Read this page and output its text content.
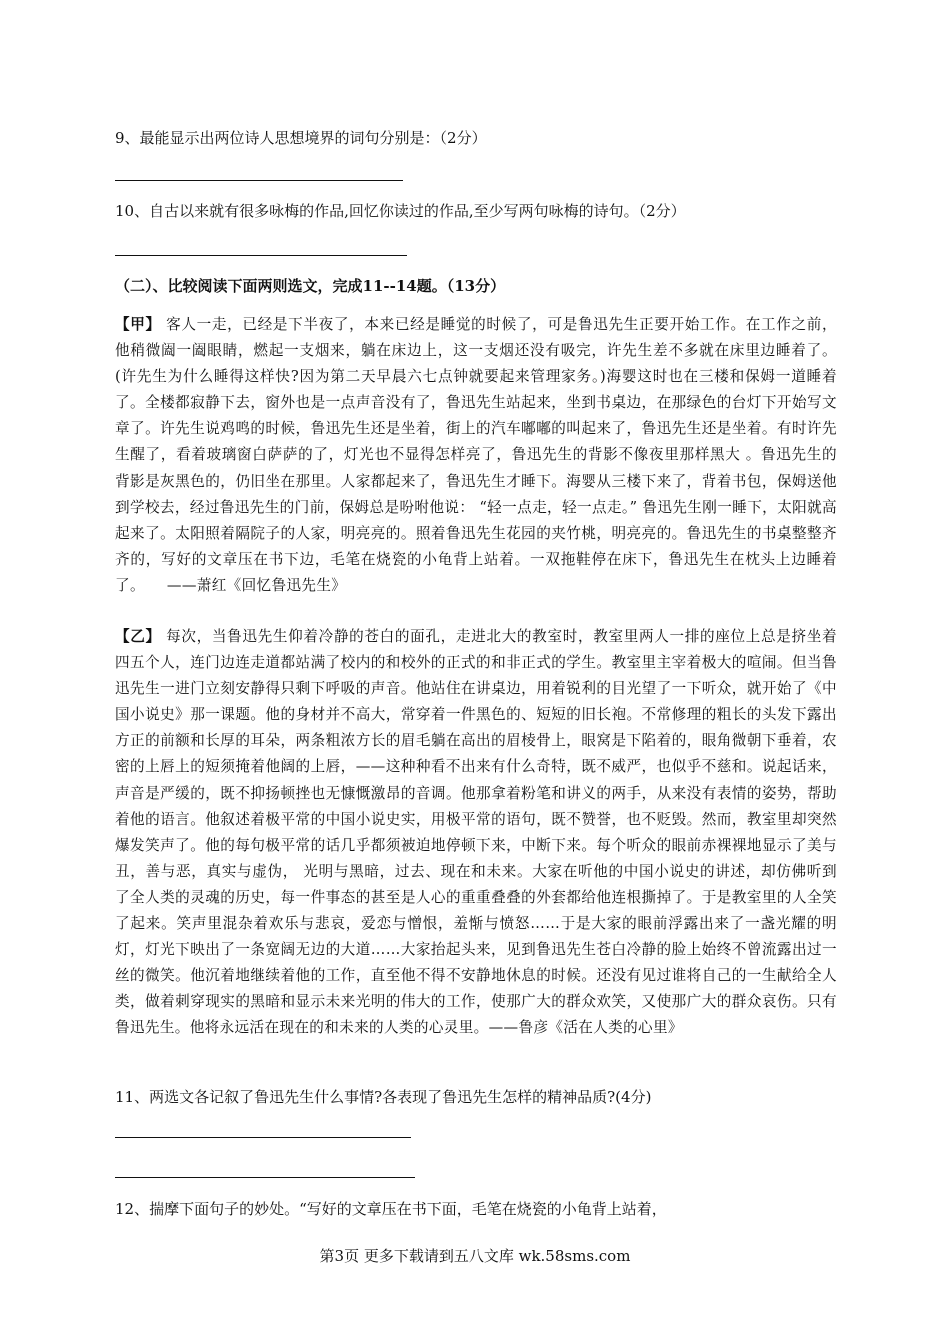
9、最能显示出两位诗人思想境界的词句分别是：（2分）
10、自古以来就有很多咏梅的作品,回忆你读过的作品,至少写两句咏梅的诗句。（2分）
（二）、比较阅读下面两则选文，完成11--14题。（13分）

【甲】 客人一走，已经是下半夜了，本来已经是睡觉的时候了，可是鲁迅先生正要开始工作。在工作之前，他稍微阖一阖眼睛，燃起一支烟来，躺在床边上，这一支烟还没有吸完，许先生差不多就在床里边睡着了。(许先生为什么睡得这样快?因为第二天早晨六七点钟就要起来管理家务。)海婴这时也在三楼和保姆一道睡着了。全楼都寂静下去，窗外也是一点声音没有了，鲁迅先生站起来，坐到书桌边，在那绿色的台灯下开始写文章了。许先生说鸡鸣的时候，鲁迅先生还是坐着，街上的汽车嘟嘟的叫起来了，鲁迅先生还是坐着。有时许先生醒了，看着玻璃窗白萨萨的了，灯光也不显得怎样亮了，鲁迅先生的背影不像夜里那样黑大 。鲁迅先生的背影是灰黑色的，仍旧坐在那里。人家都起来了，鲁迅先生才睡下。海婴从三楼下来了，背着书包，保姆送他到学校去，经过鲁迅先生的门前，保姆总是吩咐他说： “轻一点走，轻一点走。” 鲁迅先生刚一睡下，太阳就高起来了。太阳照着隔院子的人家，明亮亮的。照着鲁迅先生花园的夹竹桃，明亮亮的。鲁迅先生的书桌整整齐齐的，写好的文章压在书下边，毛笔在烧瓷的小龟背上站着。一双拖鞋停在床下，鲁迅先生在枕头上边睡着了。 ——萧红《回忆鲁迅先生》

【乙】 每次，当鲁迅先生仰着冷静的苍白的面孔，走进北大的教室时，教室里两人一排的座位上总是挤坐着四五个人，连门边连走道都站满了校内的和校外的正式的和非正式的学生。教室里主宰着极大的喧闹。但当鲁迅先生一进门立刻安静得只剩下呼吸的声音。他站住在讲桌边，用着锐利的目光望了一下听众，就开始了《中国小说史》那一课题。他的身材并不高大，常穿着一件黑色的、短短的旧长袍。不常修理的粗长的头发下露出方正的前额和长厚的耳朵，两条粗浓方长的眉毛躺在高出的眉棱骨上，眼窝是下陷着的，眼角微朝下垂着，农密的上唇上的短须掩着他阔的上唇，——这种种看不出来有什么奇特，既不威严，也似乎不慈和。说起话来，声音是严缓的，既不抑扬顿挫也无慷慨激昂的音调。他那拿着粉笔和讲义的两手，从来没有表情的姿势，帮助着他的语言。他叙述着极平常的中国小说史实，用极平常的语句，既不赞誉，也不贬毁。然而，教室里却突然爆发笑声了。他的每句极平常的话几乎都须被迫地停顿下来，中断下来。每个听众的眼前赤裸裸地显示了美与丑，善与恶，真实与虚伪， 光明与黑暗，过去、现在和未来。大家在听他的中国小说史的讲述，却仿佛听到了全人类的灵魂的历史，每一件事态的甚至是人心的重重叠叠的外套都给他连根撕掉了。于是教室里的人全笑了起来。笑声里混杂着欢乐与悲哀，爱恋与憎恨，羞惭与愤怒……于是大家的眼前浮露出来了一盏光耀的明灯，灯光下映出了一条宽阔无边的大道……大家抬起头来，见到鲁迅先生苍白冷静的脸上始终不曾流露出过一丝的微笑。他沉着地继续着他的工作，直至他不得不安静地休息的时候。还没有见过谁将自己的一生献给全人类，做着刺穿现实的黑暗和显示未来光明的伟大的工作，使那广大的群众欢笑，又使那广大的群众哀伤。只有鲁迅先生。他将永远活在现在的和未来的人类的心灵里。——鲁彦《活在人类的心里》

11、两选文各记叙了鲁迅先生什么事情?各表现了鲁迅先生怎样的精神品质?(4分)
12、揣摩下面句子的妙处。“写好的文章压在书下面，毛笔在烧瓷的小龟背上站着，
第3页 更多下载请到五八文库 wk.58sms.com
